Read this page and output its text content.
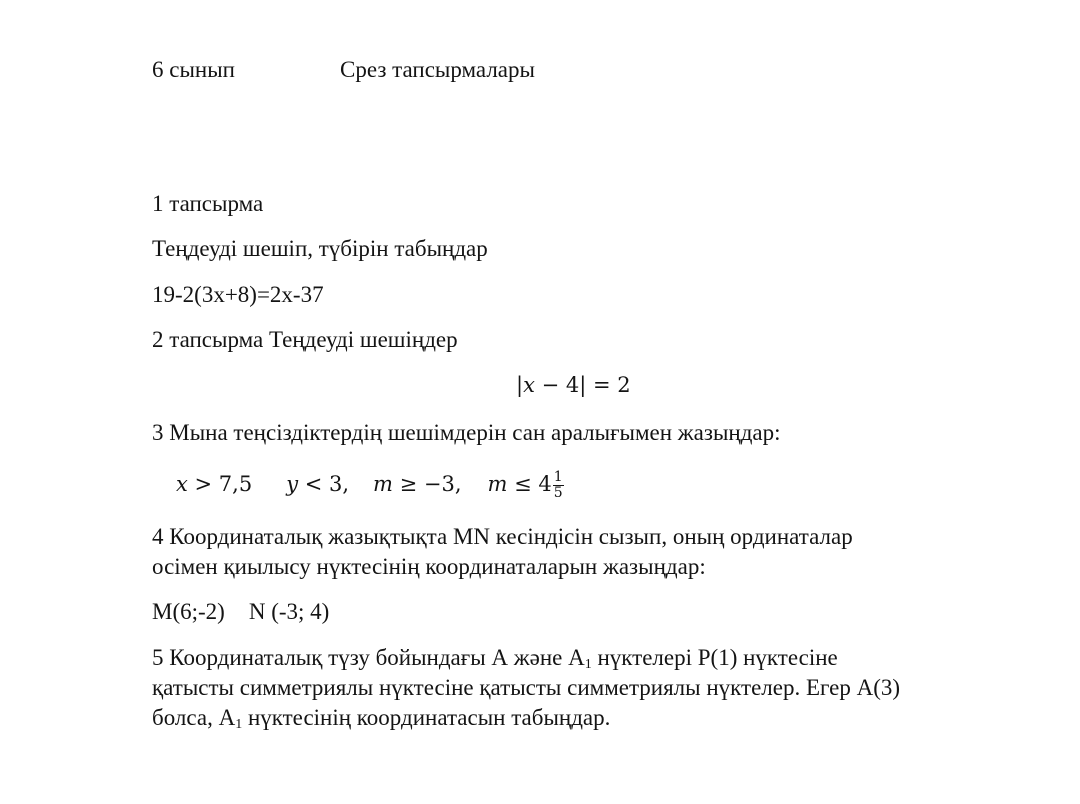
6 сынып	Срез тапсырмалары
1 тапсырма
Теңдеуді шешіп, түбірін табыңдар
19-2(3x+8)=2x-37
2 тапсырма Теңдеуді шешіңдер
|x − 4| = 2
3 Мына теңсіздіктердің шешімдерін сан аралығымен жазыңдар:
x > 7,5 y < 3, m ≥ −3, $m \le 4 \frac{1}{5}$
4 Координаталық жазықтықта MN кесіндісін сызып, оның ординаталар
осімен қиылысу нүктесінің координаталарын жазыңдар:
M(6;-2) N (-3; 4)
5 Координаталық түзу бойындағы А және $А_1$ нүктелері Р(1) нүктесіне
қатысты симметриялы нүктесіне қатысты симметриялы нүктелер. Егер А(3)
болса, $А_1$ нүктесінің координатасын табыңдар.
